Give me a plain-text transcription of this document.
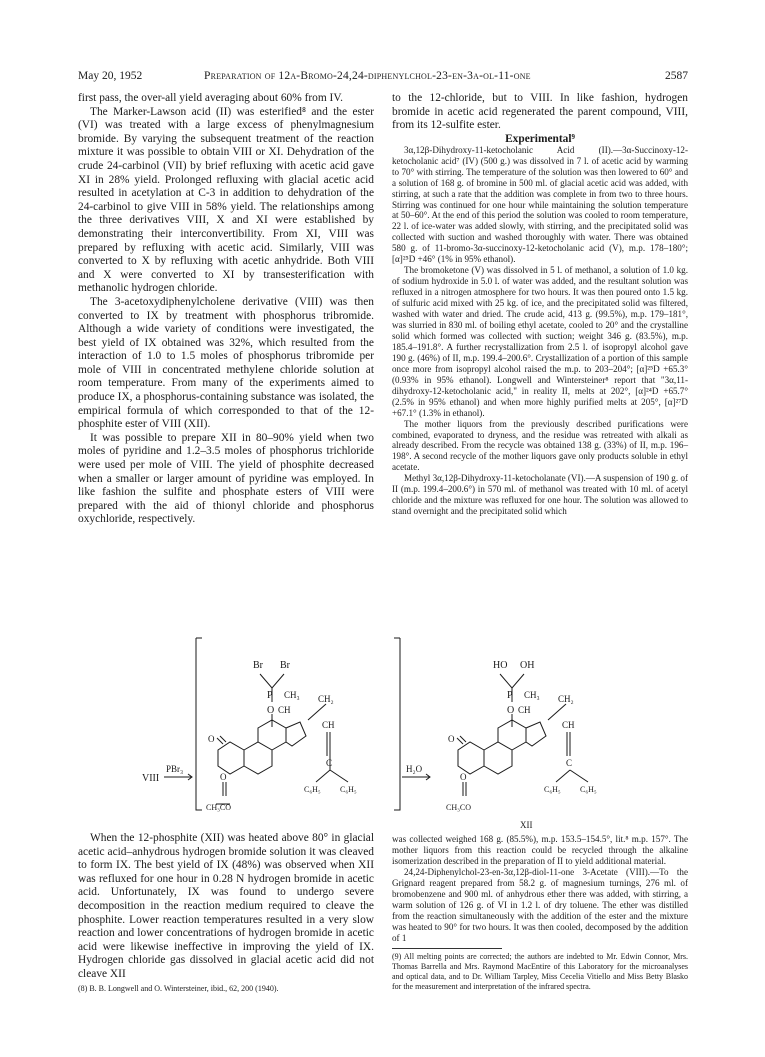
May 20, 1952	Preparation of 12α-Bromo-24,24-diphenylchol-23-en-3α-ol-11-one	2587

first pass, the over-all yield averaging about 60% from IV.

The Marker-Lawson acid (II) was esterified⁸ and the ester (VI) was treated with a large excess of phenylmagnesium bromide. By varying the subsequent treatment of the reaction mixture it was possible to obtain VIII or XI. Dehydration of the crude 24-carbinol (VII) by brief refluxing with acetic acid gave XI in 28% yield. Prolonged refluxing with glacial acetic acid resulted in acetylation at C-3 in addition to dehydration of the 24-carbinol to give VIII in 58% yield. The relationships among the three derivatives VIII, X and XI were established by demonstrating their interconvertibility. From XI, VIII was prepared by refluxing with acetic acid. Similarly, VIII was converted to X by refluxing with acetic anhydride. Both VIII and X were converted to XI by transesterification with methanolic hydrogen chloride.

The 3-acetoxydiphenylcholene derivative (VIII) was then converted to IX by treatment with phosphorus tribromide. Although a wide variety of conditions were investigated, the best yield of IX obtained was 32%, which resulted from the interaction of 1.0 to 1.5 moles of phosphorus tribromide per mole of VIII in concentrated methylene chloride solution at room temperature. From many of the experiments aimed to produce IX, a phosphorus-containing substance was isolated, the empirical formula of which corresponded to that of the 12-phosphite ester of VIII (XII).

It was possible to prepare XII in 80–90% yield when two moles of pyridine and 1.2–3.5 moles of phosphorus trichloride were used per mole of VIII. The yield of phosphite decreased when a smaller or larger amount of pyridine was employed. In like fashion the sulfite and phosphate esters of VIII were prepared with the aid of thionyl chloride and phosphorus oxychloride, respectively.

to the 12-chloride, but to VIII. In like fashion, hydrogen bromide in acetic acid regenerated the parent compound, VIII, from its 12-sulfite ester.

Experimental⁹

3α,12β-Dihydroxy-11-ketocholanic Acid (II).—3α-Succinoxy-12-ketocholanic acid⁷ (IV) (500 g.) was dissolved in 7 l. of acetic acid by warming to 70° with stirring. The temperature of the solution was then lowered to 60° and a solution of 168 g. of bromine in 500 ml. of glacial acetic acid was added, with stirring, at such a rate that the addition was complete in from two to three hours. Stirring was continued for one hour while maintaining the solution temperature at 50–60°. At the end of this period the solution was cooled to room temperature, 22 l. of ice-water was added slowly, with stirring, and the precipitated solid was collected with suction and washed thoroughly with water. There was obtained 580 g. of 11-bromo-3α-succinoxy-12-ketocholanic acid (V), m.p. 178–180°; [α]²⁵D +46° (1% in 95% ethanol).

The bromoketone (V) was dissolved in 5 l. of methanol, a solution of 1.0 kg. of sodium hydroxide in 5.0 l. of water was added, and the resultant solution was refluxed in a nitrogen atmosphere for two hours. It was then poured onto 1.5 kg. of sulfuric acid mixed with 25 kg. of ice, and the precipitated solid was filtered, washed with water and dried. The crude acid, 413 g. (99.5%), m.p. 179–181°, was slurried in 830 ml. of boiling ethyl acetate, cooled to 20° and the crystalline solid which formed was collected with suction; weight 346 g. (83.5%), m.p. 185.4–191.8°. A further recrystallization from 2.5 l. of isopropyl alcohol gave 190 g. (46%) of II, m.p. 199.4–200.6°. Crystallization of a portion of this sample once more from isopropyl alcohol raised the m.p. to 203–204°; [α]²⁵D +65.3° (0.93% in 95% ethanol). Longwell and Wintersteiner⁸ report that "3α,11-dihydroxy-12-ketocholanic acid," in reality II, melts at 202°, [α]²⁴D +65.7° (2.5% in 95% ethanol) and when more highly purified melts at 205°, [α]²⁷D +67.1° (1.3% in ethanol).

The mother liquors from the previously described purifications were combined, evaporated to dryness, and the residue was retreated with alkali as already described. From the recycle was obtained 138 g. (33%) of II, m.p. 196–198°. A second recycle of the mother liquors gave only products soluble in ethyl acetate.

Methyl 3α,12β-Dihydroxy-11-ketocholanate (VI).—A suspension of 190 g. of II (m.p. 199.4–200.6°) in 570 ml. of methanol was treated with 10 ml. of acetyl chloride and the mixture was refluxed for one hour. The solution was allowed to stand overnight and the precipitated solid which

VIII
PBr₃	H₂O
Br Br
P CH₃
O CH
CH₂
CH
C
C₆H₅ C₆H₅
O
O
CH₃CO
HO OH
P CH₃
O CH
CH₂
CH
C
C₆H₅ C₆H₅
O
O
CH₃CO
XII

When the 12-phosphite (XII) was heated above 80° in glacial acetic acid–anhydrous hydrogen bromide solution it was cleaved to form IX. The best yield of IX (48%) was observed when XII was refluxed for one hour in 0.28 N hydrogen bromide in acetic acid. Unfortunately, IX was found to undergo severe decomposition in the reaction medium required to cleave the phosphite. Lower reaction temperatures resulted in a very slow reaction and lower concentrations of hydrogen bromide in acetic acid were likewise ineffective in improving the yield of IX. Hydrogen chloride gas dissolved in glacial acetic acid did not cleave XII

(8) B. B. Longwell and O. Wintersteiner, ibid., 62, 200 (1940).

was collected weighed 168 g. (85.5%), m.p. 153.5–154.5°, lit.⁸ m.p. 157°. The mother liquors from this reaction could be recycled through the alkaline isomerization described in the preparation of II to yield additional material.

24,24-Diphenylchol-23-en-3α,12β-diol-11-one 3-Acetate (VIII).—To the Grignard reagent prepared from 58.2 g. of magnesium turnings, 276 ml. of bromobenzene and 900 ml. of anhydrous ether there was added, with stirring, a warm solution of 126 g. of VI in 1.2 l. of dry toluene. The ether was distilled from the reaction simultaneously with the addition of the ester and the mixture was heated to 90° for two hours. It was then cooled, decomposed by the addition of 1

(9) All melting points are corrected; the authors are indebted to Mr. Edwin Connor, Mrs. Thomas Barrella and Mrs. Raymond MacEntire of this Laboratory for the microanalyses and optical data, and to Dr. William Tarpley, Miss Cecelia Vitiello and Miss Betty Blasko for the measurement and interpretation of the infrared spectra.
